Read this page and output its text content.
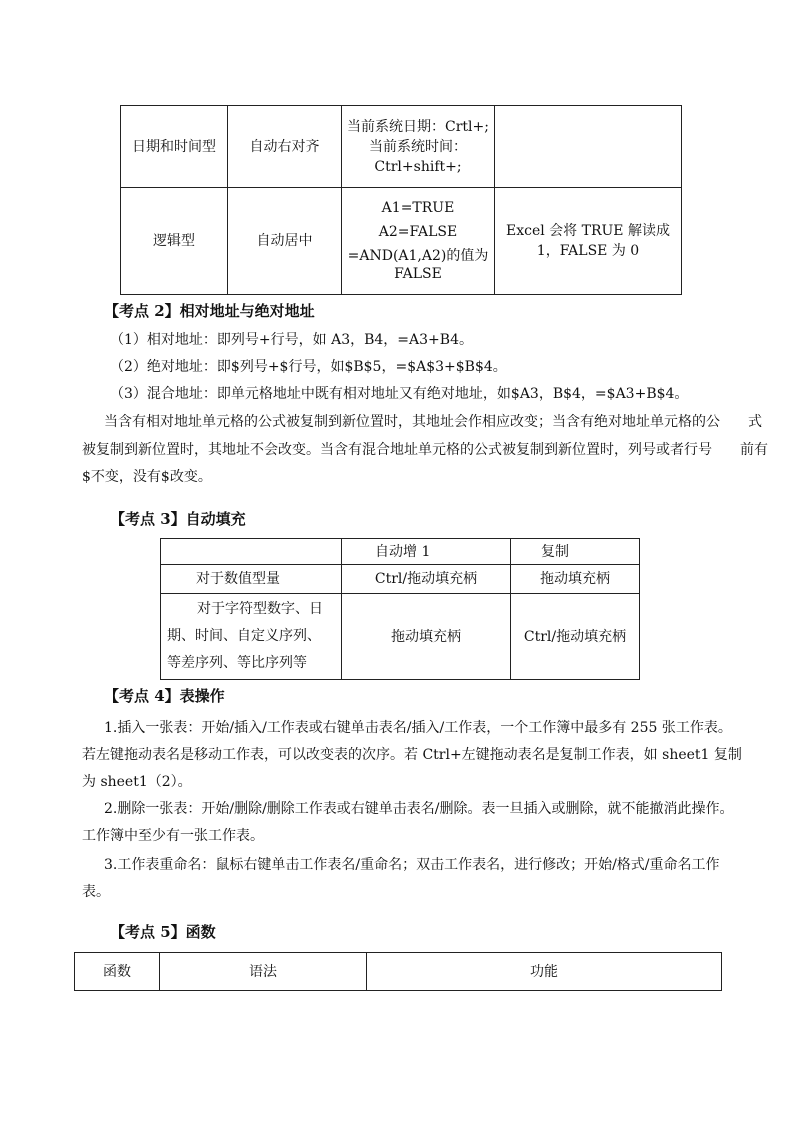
日期和时间型	自动右对齐	当前系统日期：Crtl+;
当前系统时间：
Ctrl+shift+;	

逻辑型	自动居中	A1=TRUE
A2=FALSE
=AND(A1,A2)的值为
FALSE	Excel 会将 TRUE 解读成
1，FALSE 为 0
【考点 2】相对地址与绝对地址
（1）相对地址：即列号+行号，如 A3，B4，=A3+B4。
（2）绝对地址：即$列号+$行号，如$B$5，=$A$3+$B$4。
（3）混合地址：即单元格地址中既有相对地址又有绝对地址，如$A3，B$4，=$A3+B$4。
当含有相对地址单元格的公式被复制到新位置时，其地址会作相应改变；当含有绝对地址单元格的公　　式
被复制到新位置时，其地址不会改变。当含有混合地址单元格的公式被复制到新位置时，列号或者行号　　前有
$不变，没有$改变。
【考点 3】自动填充
	自动增 1	复制
对于数值型量	Ctrl/拖动填充柄	拖动填充柄

对于字符型数字、日
期、时间、自定义序列、
等差序列、等比序列等	拖动填充柄	Ctrl/拖动填充柄
【考点 4】表操作
1.插入一张表：开始/插入/工作表或右键单击表名/插入/工作表，一个工作簿中最多有 255 张工作表。
若左键拖动表名是移动工作表，可以改变表的次序。若 Ctrl+左键拖动表名是复制工作表，如 sheet1 复制
为 sheet1（2）。
2.删除一张表：开始/删除/删除工作表或右键单击表名/删除。表一旦插入或删除，就不能撤消此操作。
工作簿中至少有一张工作表。
3.工作表重命名：鼠标右键单击工作表名/重命名；双击工作表名，进行修改；开始/格式/重命名工作
表。
【考点 5】函数
函数	语法	功能
